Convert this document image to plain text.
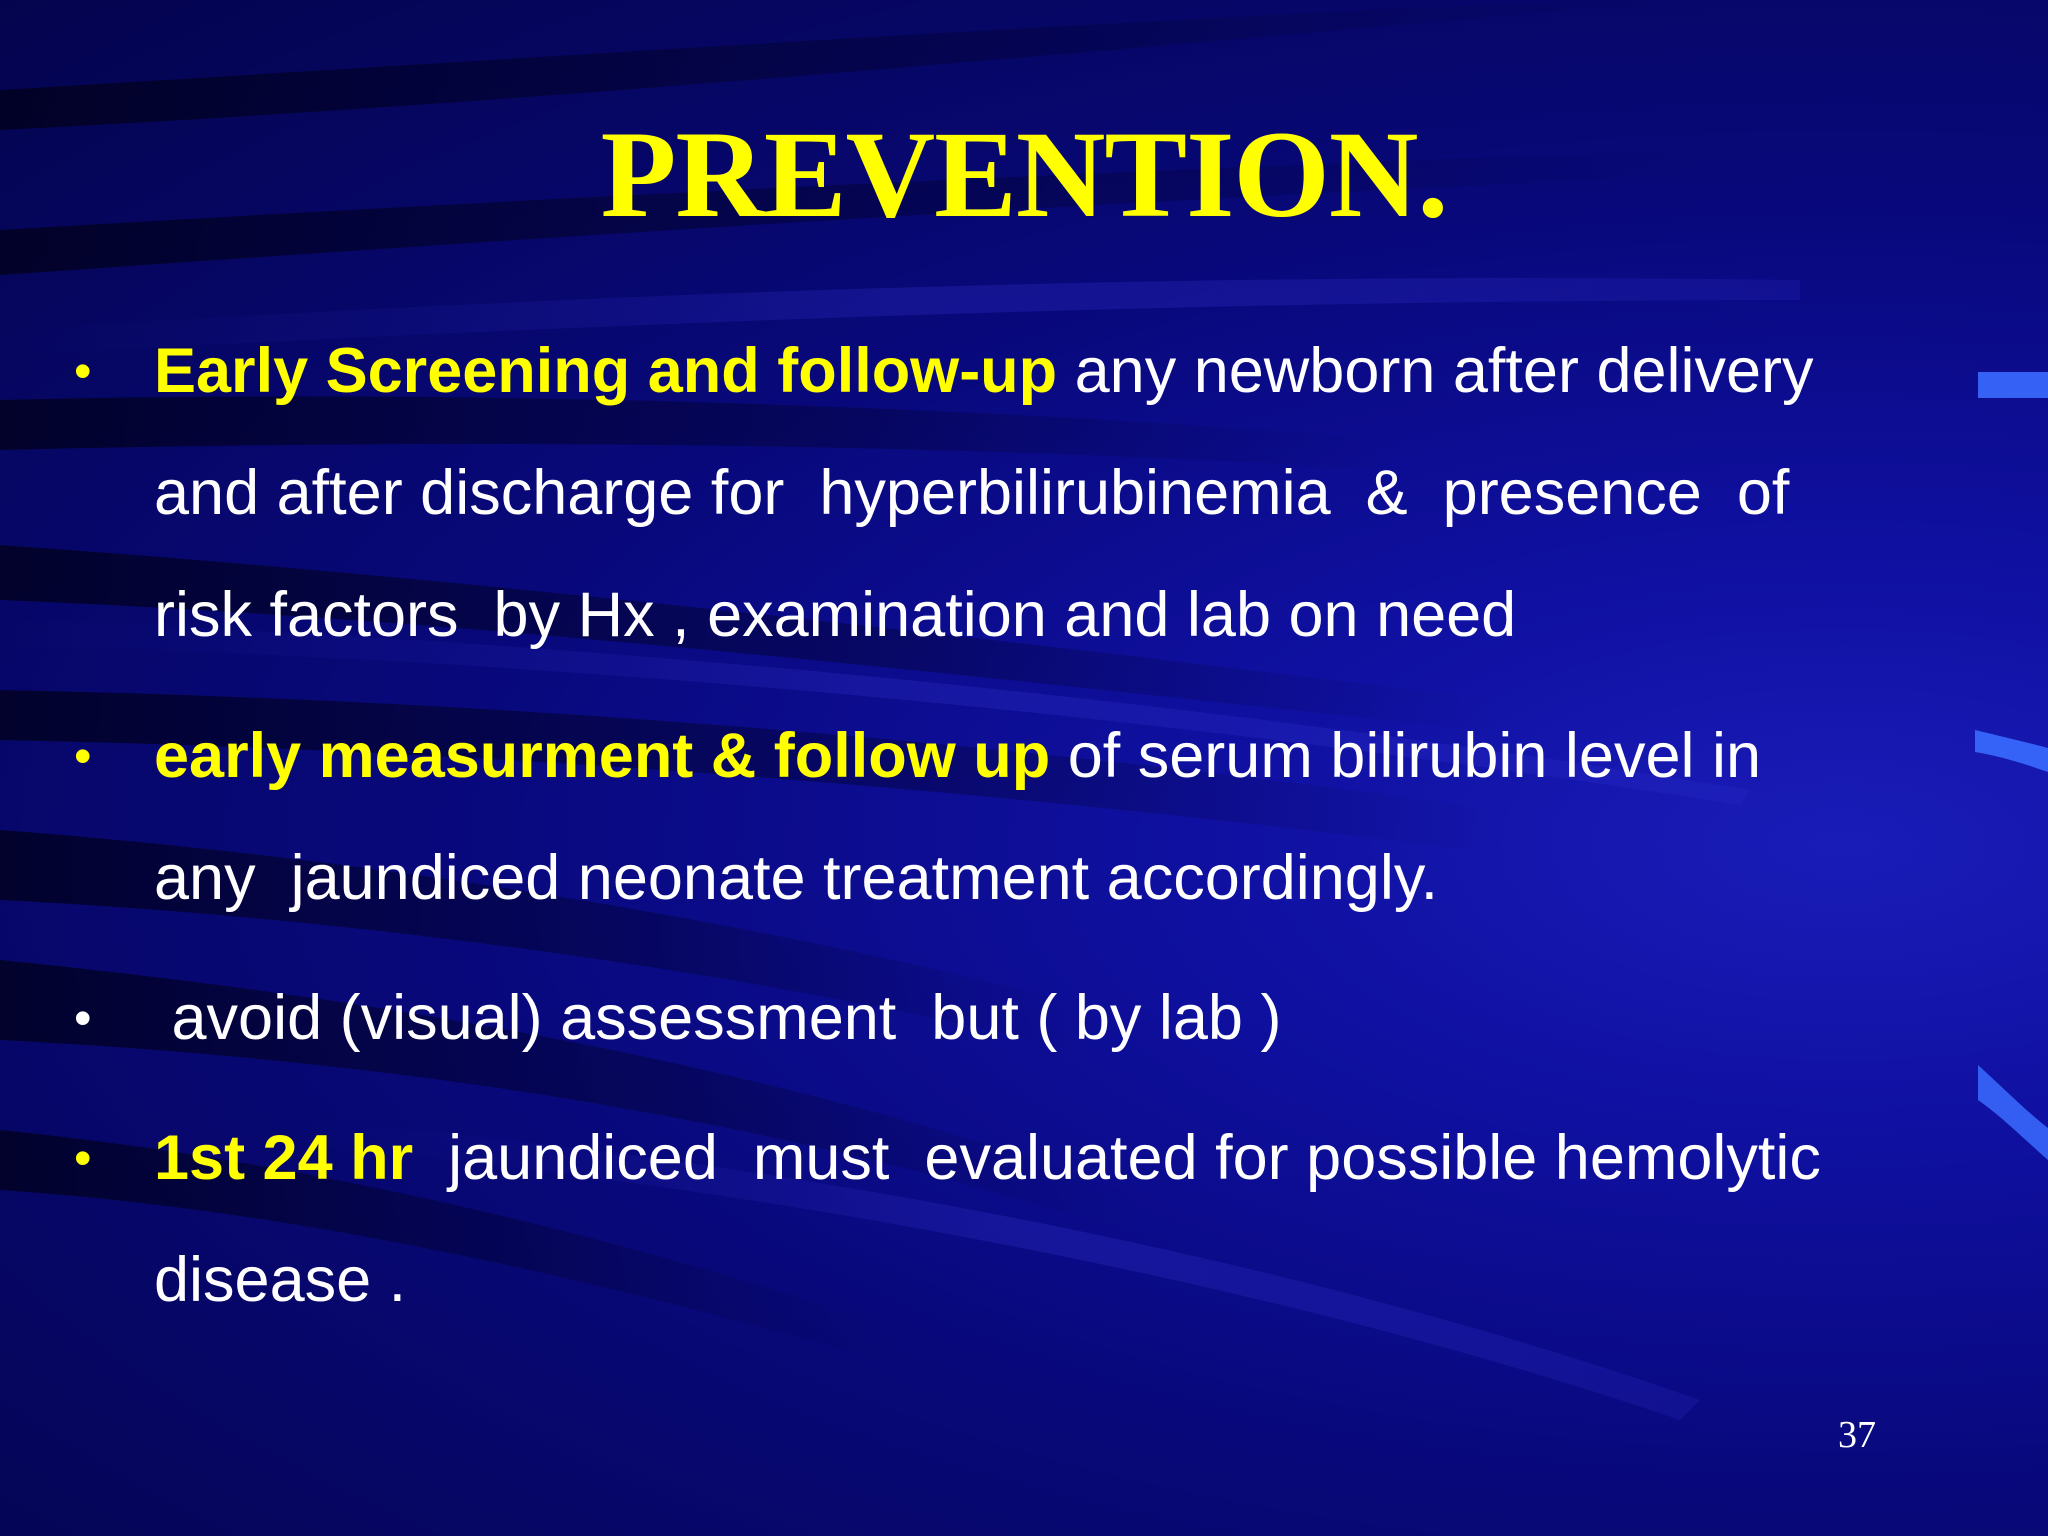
PREVENTION.
• Early Screening and follow-up any newborn after delivery
and after discharge for  hyperbilirubinemia  &  presence  of
risk factors  by Hx , examination and lab on need
• early measurment & follow up of serum bilirubin level in
any  jaundiced neonate treatment accordingly.
• avoid (visual) assessment  but ( by lab )
• 1st 24 hr  jaundiced  must  evaluated for possible hemolytic
disease .
37
